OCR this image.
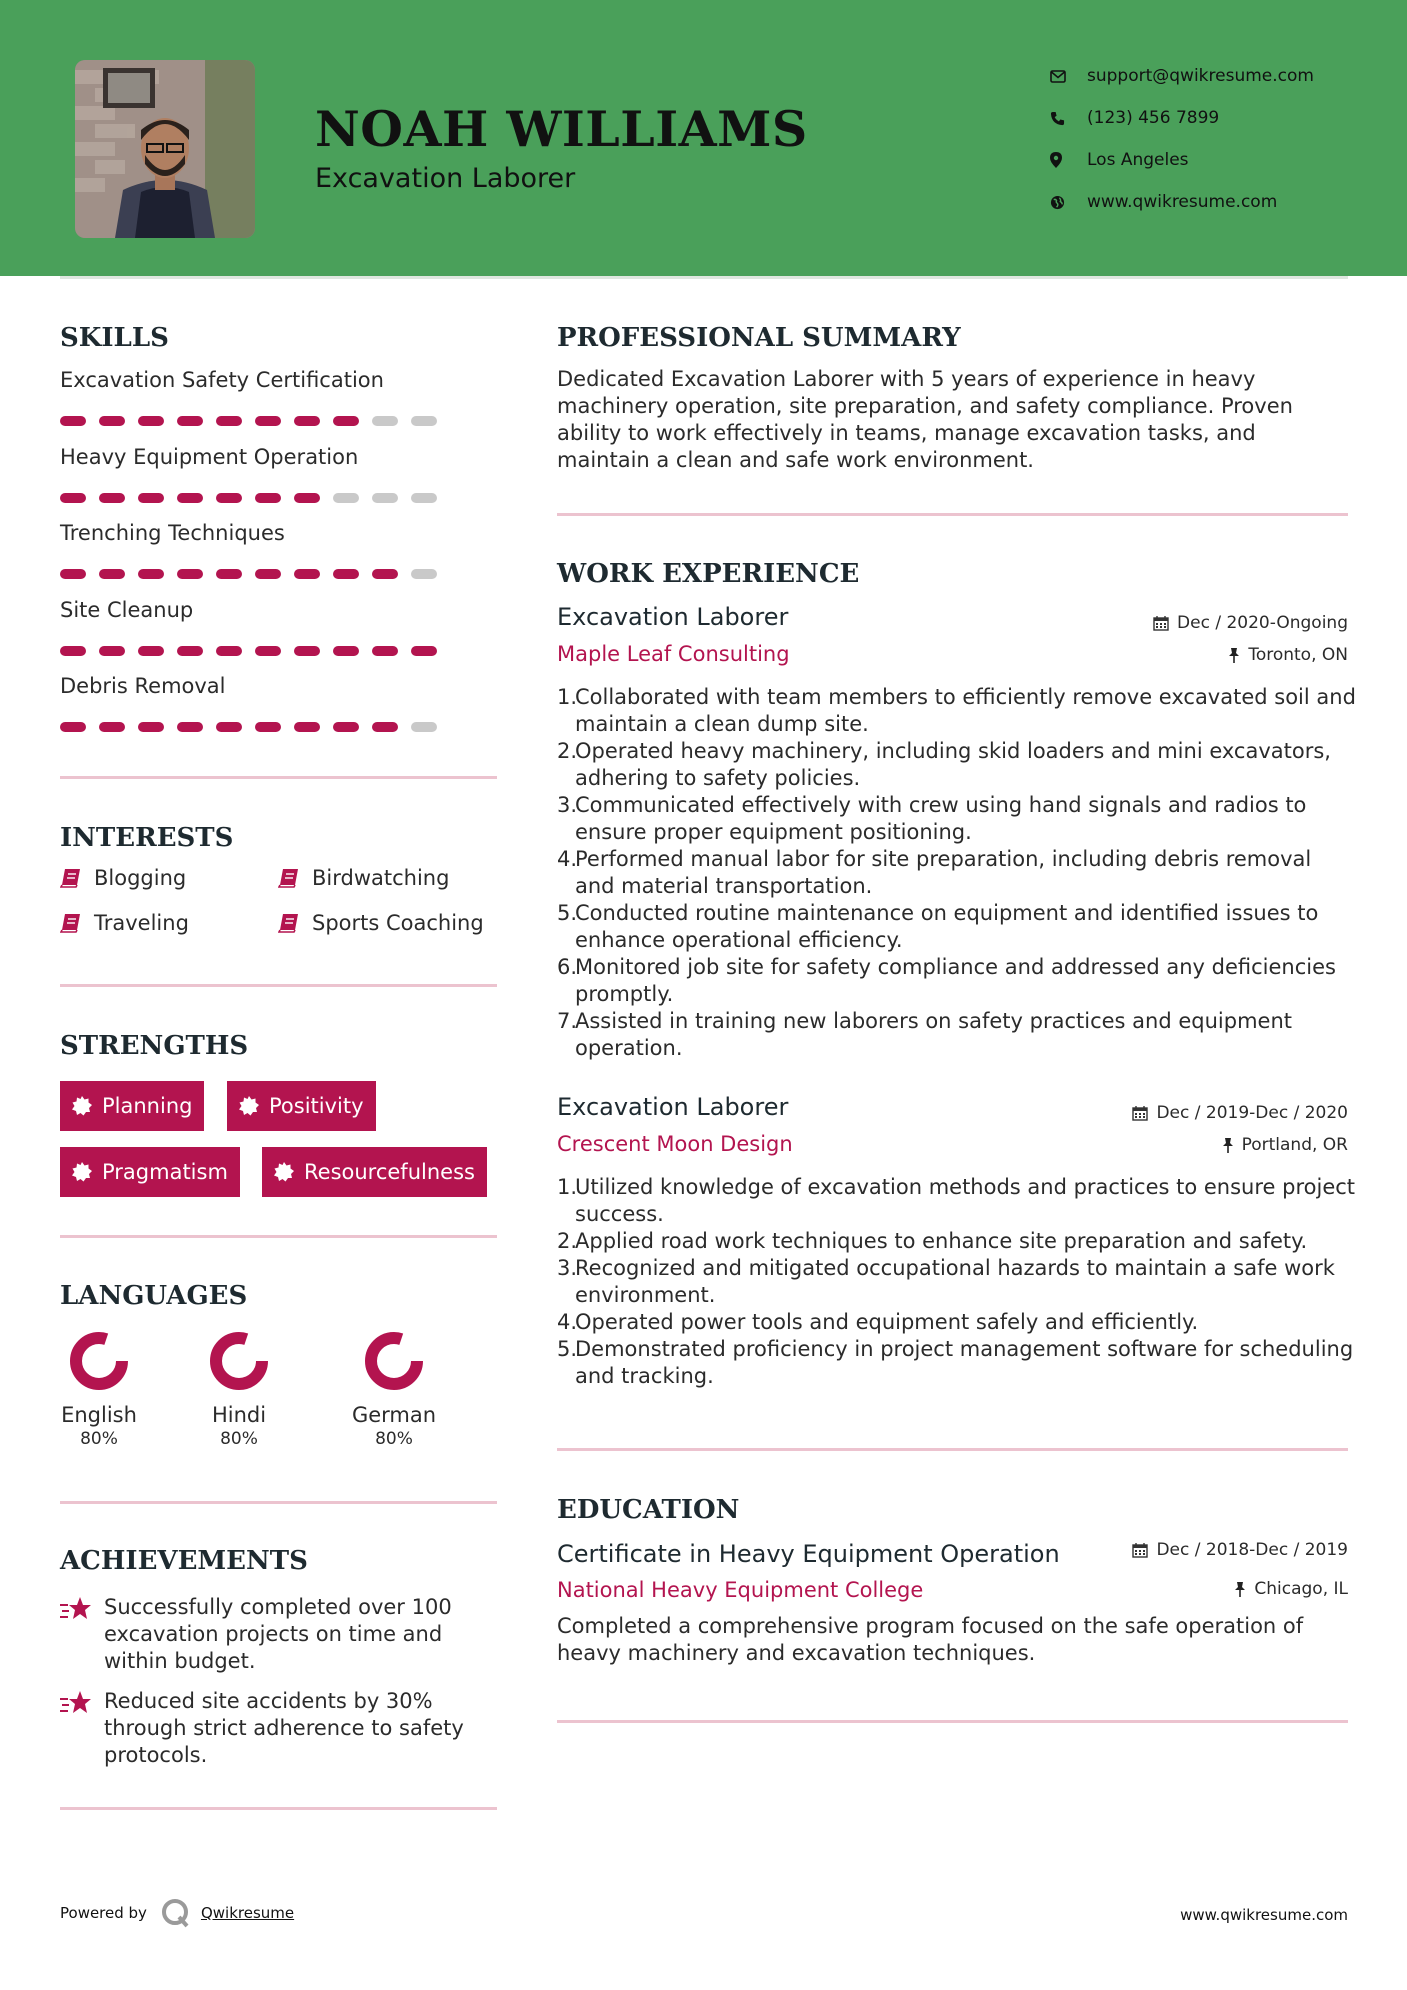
NOAH WILLIAMS
Excavation Laborer
support@qwikresume.com
(123) 456 7899
Los Angeles
www.qwikresume.com
SKILLS
Excavation Safety Certification
Heavy Equipment Operation
Trenching Techniques
Site Cleanup
Debris Removal
INTERESTS
Blogging	Birdwatching
Traveling	Sports Coaching
STRENGTHS
Planning	Positivity
Pragmatism	Resourcefulness
LANGUAGES
English
80%
Hindi
80%
German
80%
ACHIEVEMENTS
Successfully completed over 100 excavation projects on time and within budget.
Reduced site accidents by 30% through strict adherence to safety protocols.
PROFESSIONAL SUMMARY
Dedicated Excavation Laborer with 5 years of experience in heavy machinery operation, site preparation, and safety compliance. Proven ability to work effectively in teams, manage excavation tasks, and maintain a clean and safe work environment.
WORK EXPERIENCE
Excavation Laborer	Dec / 2020-Ongoing
Maple Leaf Consulting	Toronto, ON
1.
Collaborated with team members to efficiently remove excavated soil and maintain a clean dump site.
2.
Operated heavy machinery, including skid loaders and mini excavators, adhering to safety policies.
3.
Communicated effectively with crew using hand signals and radios to ensure proper equipment positioning.
4.
Performed manual labor for site preparation, including debris removal and material transportation.
5.
Conducted routine maintenance on equipment and identified issues to enhance operational efficiency.
6.
Monitored job site for safety compliance and addressed any deficiencies promptly.
7.
Assisted in training new laborers on safety practices and equipment operation.
Excavation Laborer	Dec / 2019-Dec / 2020
Crescent Moon Design	Portland, OR
1.
Utilized knowledge of excavation methods and practices to ensure project success.
2.
Applied road work techniques to enhance site preparation and safety.
3.
Recognized and mitigated occupational hazards to maintain a safe work environment.
4.
Operated power tools and equipment safely and efficiently.
5.
Demonstrated proficiency in project management software for scheduling and tracking.
EDUCATION
Certificate in Heavy Equipment Operation	Dec / 2018-Dec / 2019
National Heavy Equipment College	Chicago, IL
Completed a comprehensive program focused on the safe operation of heavy machinery and excavation techniques.
Powered by	Qwikresume	www.qwikresume.com
